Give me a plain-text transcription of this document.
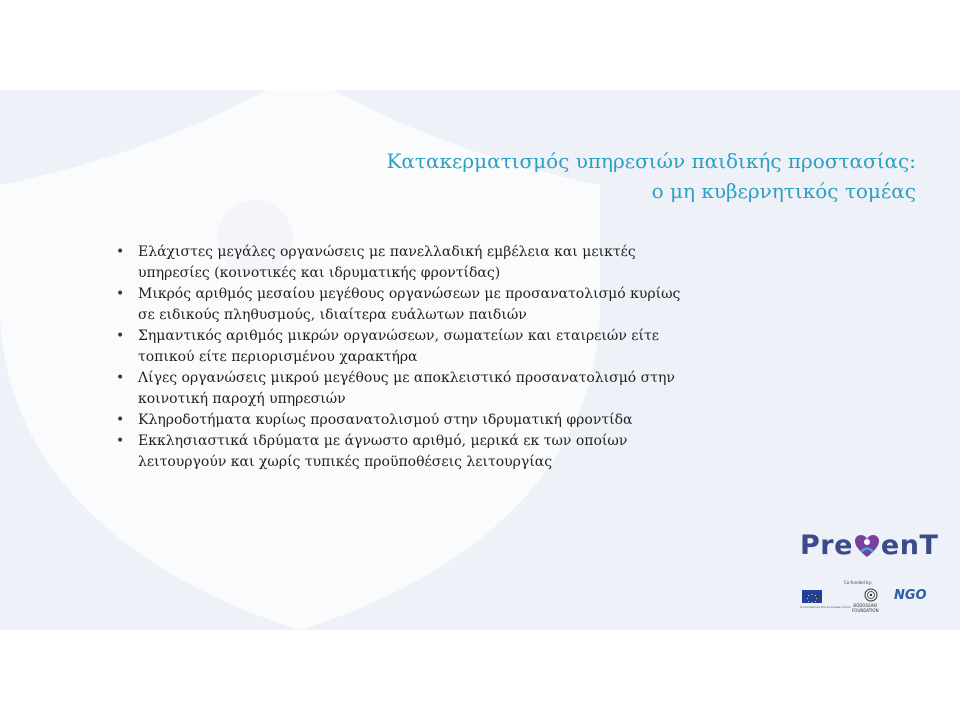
Κατακερματισμός υπηρεσιών παιδικής προστασίας:
ο μη κυβερνητικός τομέας
• Ελάχιστες μεγάλες οργανώσεις με πανελλαδική εμβέλεια και μεικτές
υπηρεσίες (κοινοτικές και ιδρυματικής φροντίδας)
• Μικρός αριθμός μεσαίου μεγέθους οργανώσεων με προσανατολισμό κυρίως
σε ειδικούς πληθυσμούς, ιδιαίτερα ευάλωτων παιδιών
• Σημαντικός αριθμός μικρών οργανώσεων, σωματείων και εταιρειών είτε
τοπικού είτε περιορισμένου χαρακτήρα
• Λίγες οργανώσεις μικρού μεγέθους με αποκλειστικό προσανατολισμό στην
κοινοτική παροχή υπηρεσιών
• Κληροδοτήματα κυρίως προσανατολισμού στην ιδρυματική φροντίδα
• Εκκλησιαστικά ιδρύματα με άγνωστο αριθμό, μερικά εκ των οποίων
λειτουργούν και χωρίς τυπικές προϋποθέσεις λειτουργίας
Pre enT
Co-funded by:
Co-funded by the European Union BODOSSAKI
FOUNDATION
NGO
